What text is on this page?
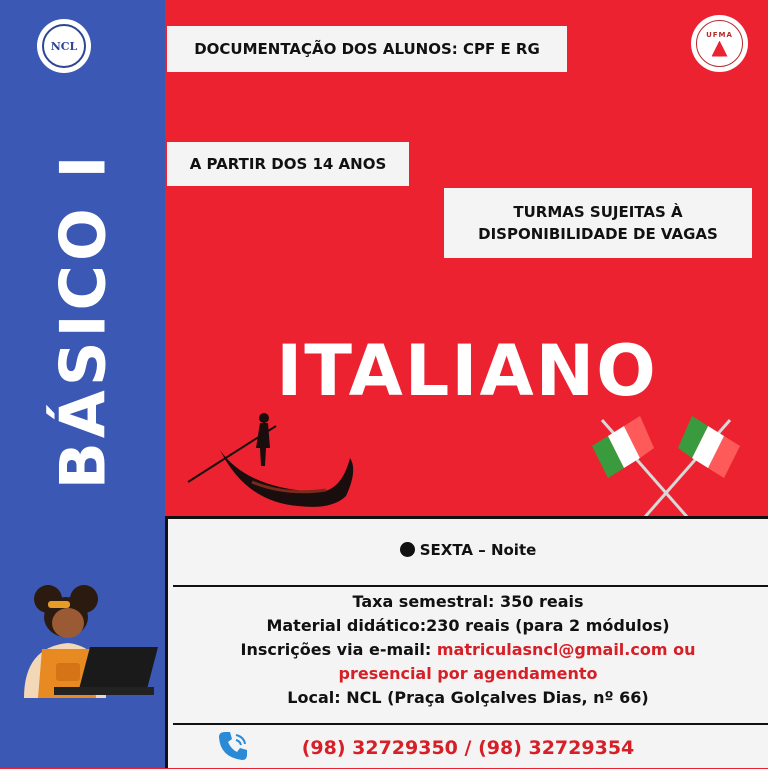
NCL
BÁSICO I
DOCUMENTAÇÃO DOS ALUNOS: CPF E RG
A PARTIR DOS 14 ANOS
TURMAS SUJEITAS À
DISPONIBILIDADE DE VAGAS
UFMA
ITALIANO
SEXTA – Noite
Taxa semestral: 350 reais
Material didático:230 reais (para 2 módulos)
Inscrições via e-mail: matriculasncl@gmail.com ou
presencial por agendamento
Local: NCL (Praça Golçalves Dias, nº 66)
(98) 32729350 / (98) 32729354
